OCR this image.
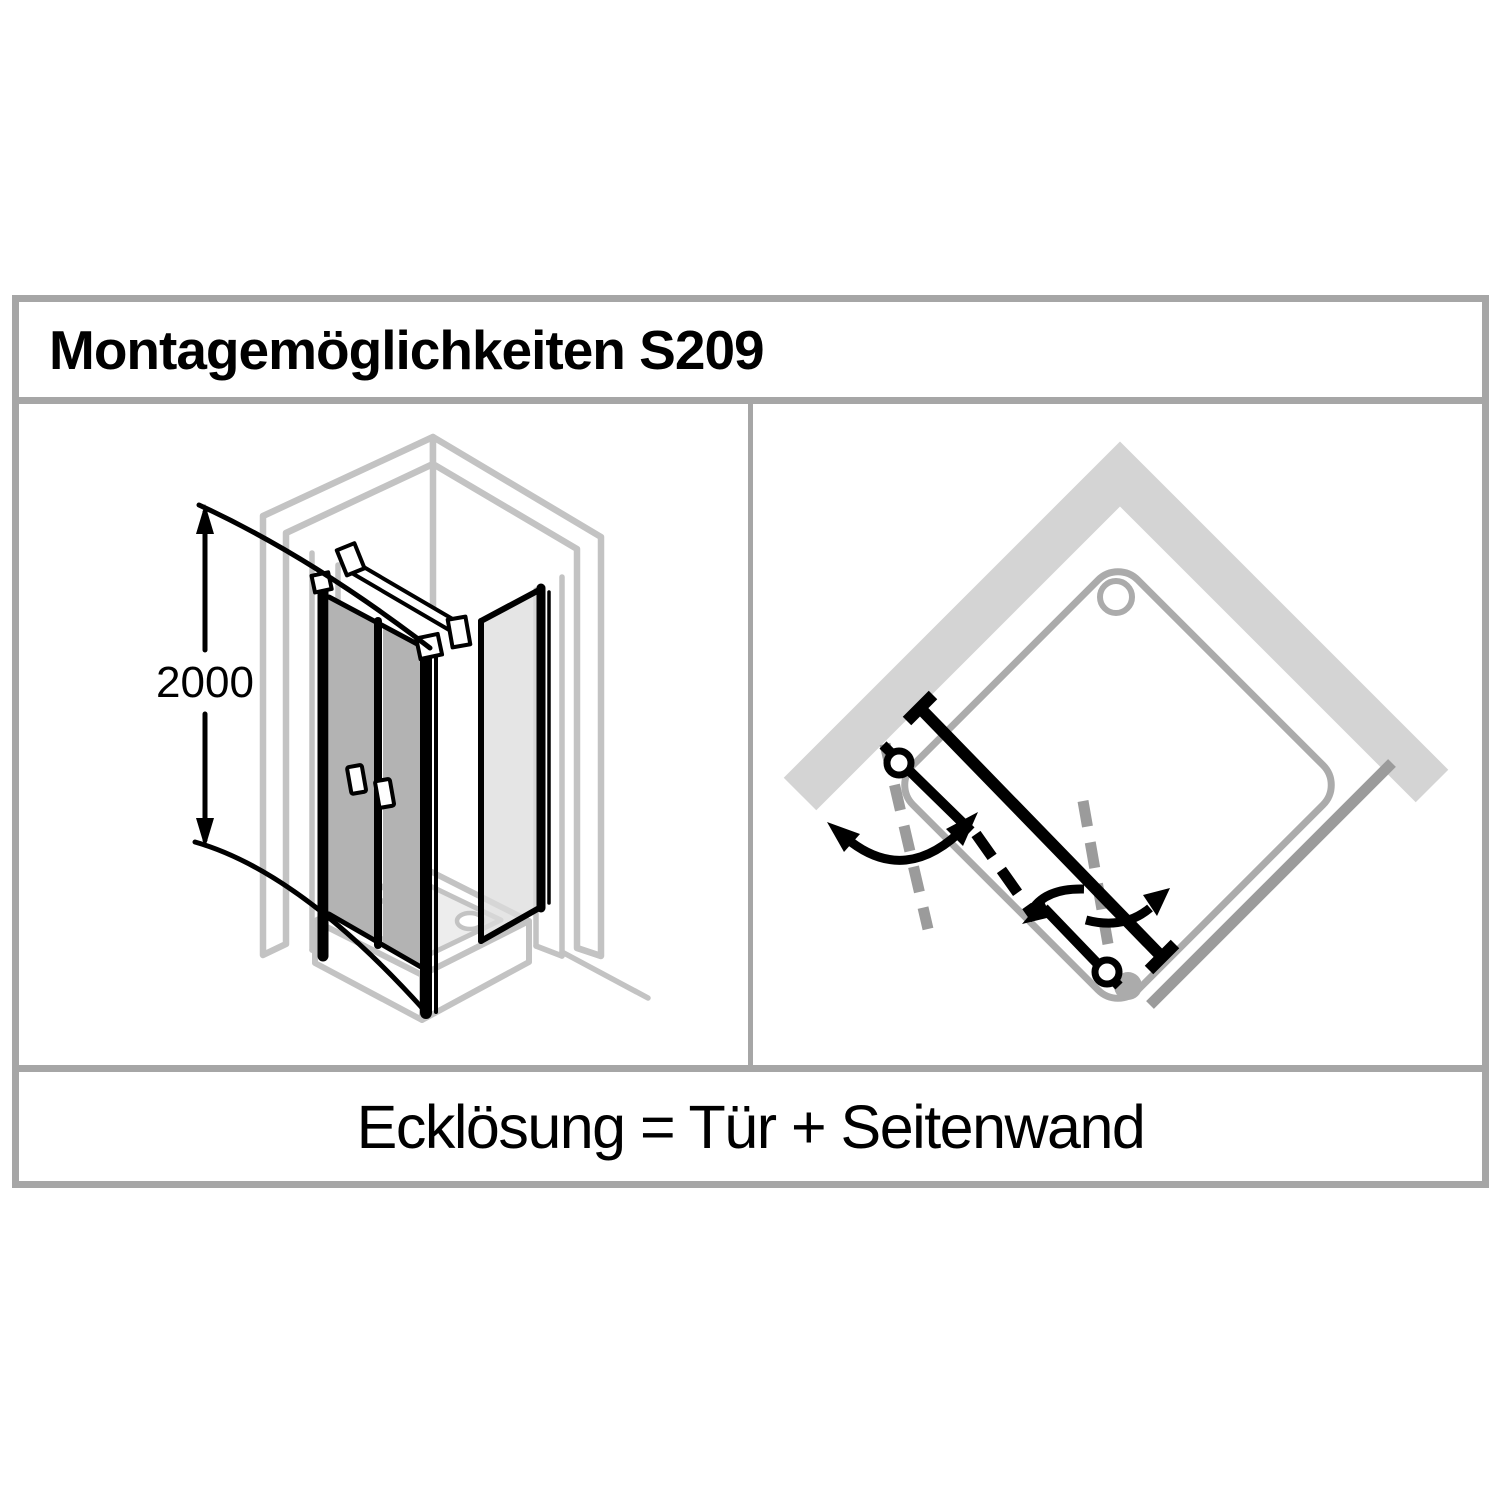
Montagemöglichkeiten S209
Ecklösung = Tür + Seitenwand
2000
